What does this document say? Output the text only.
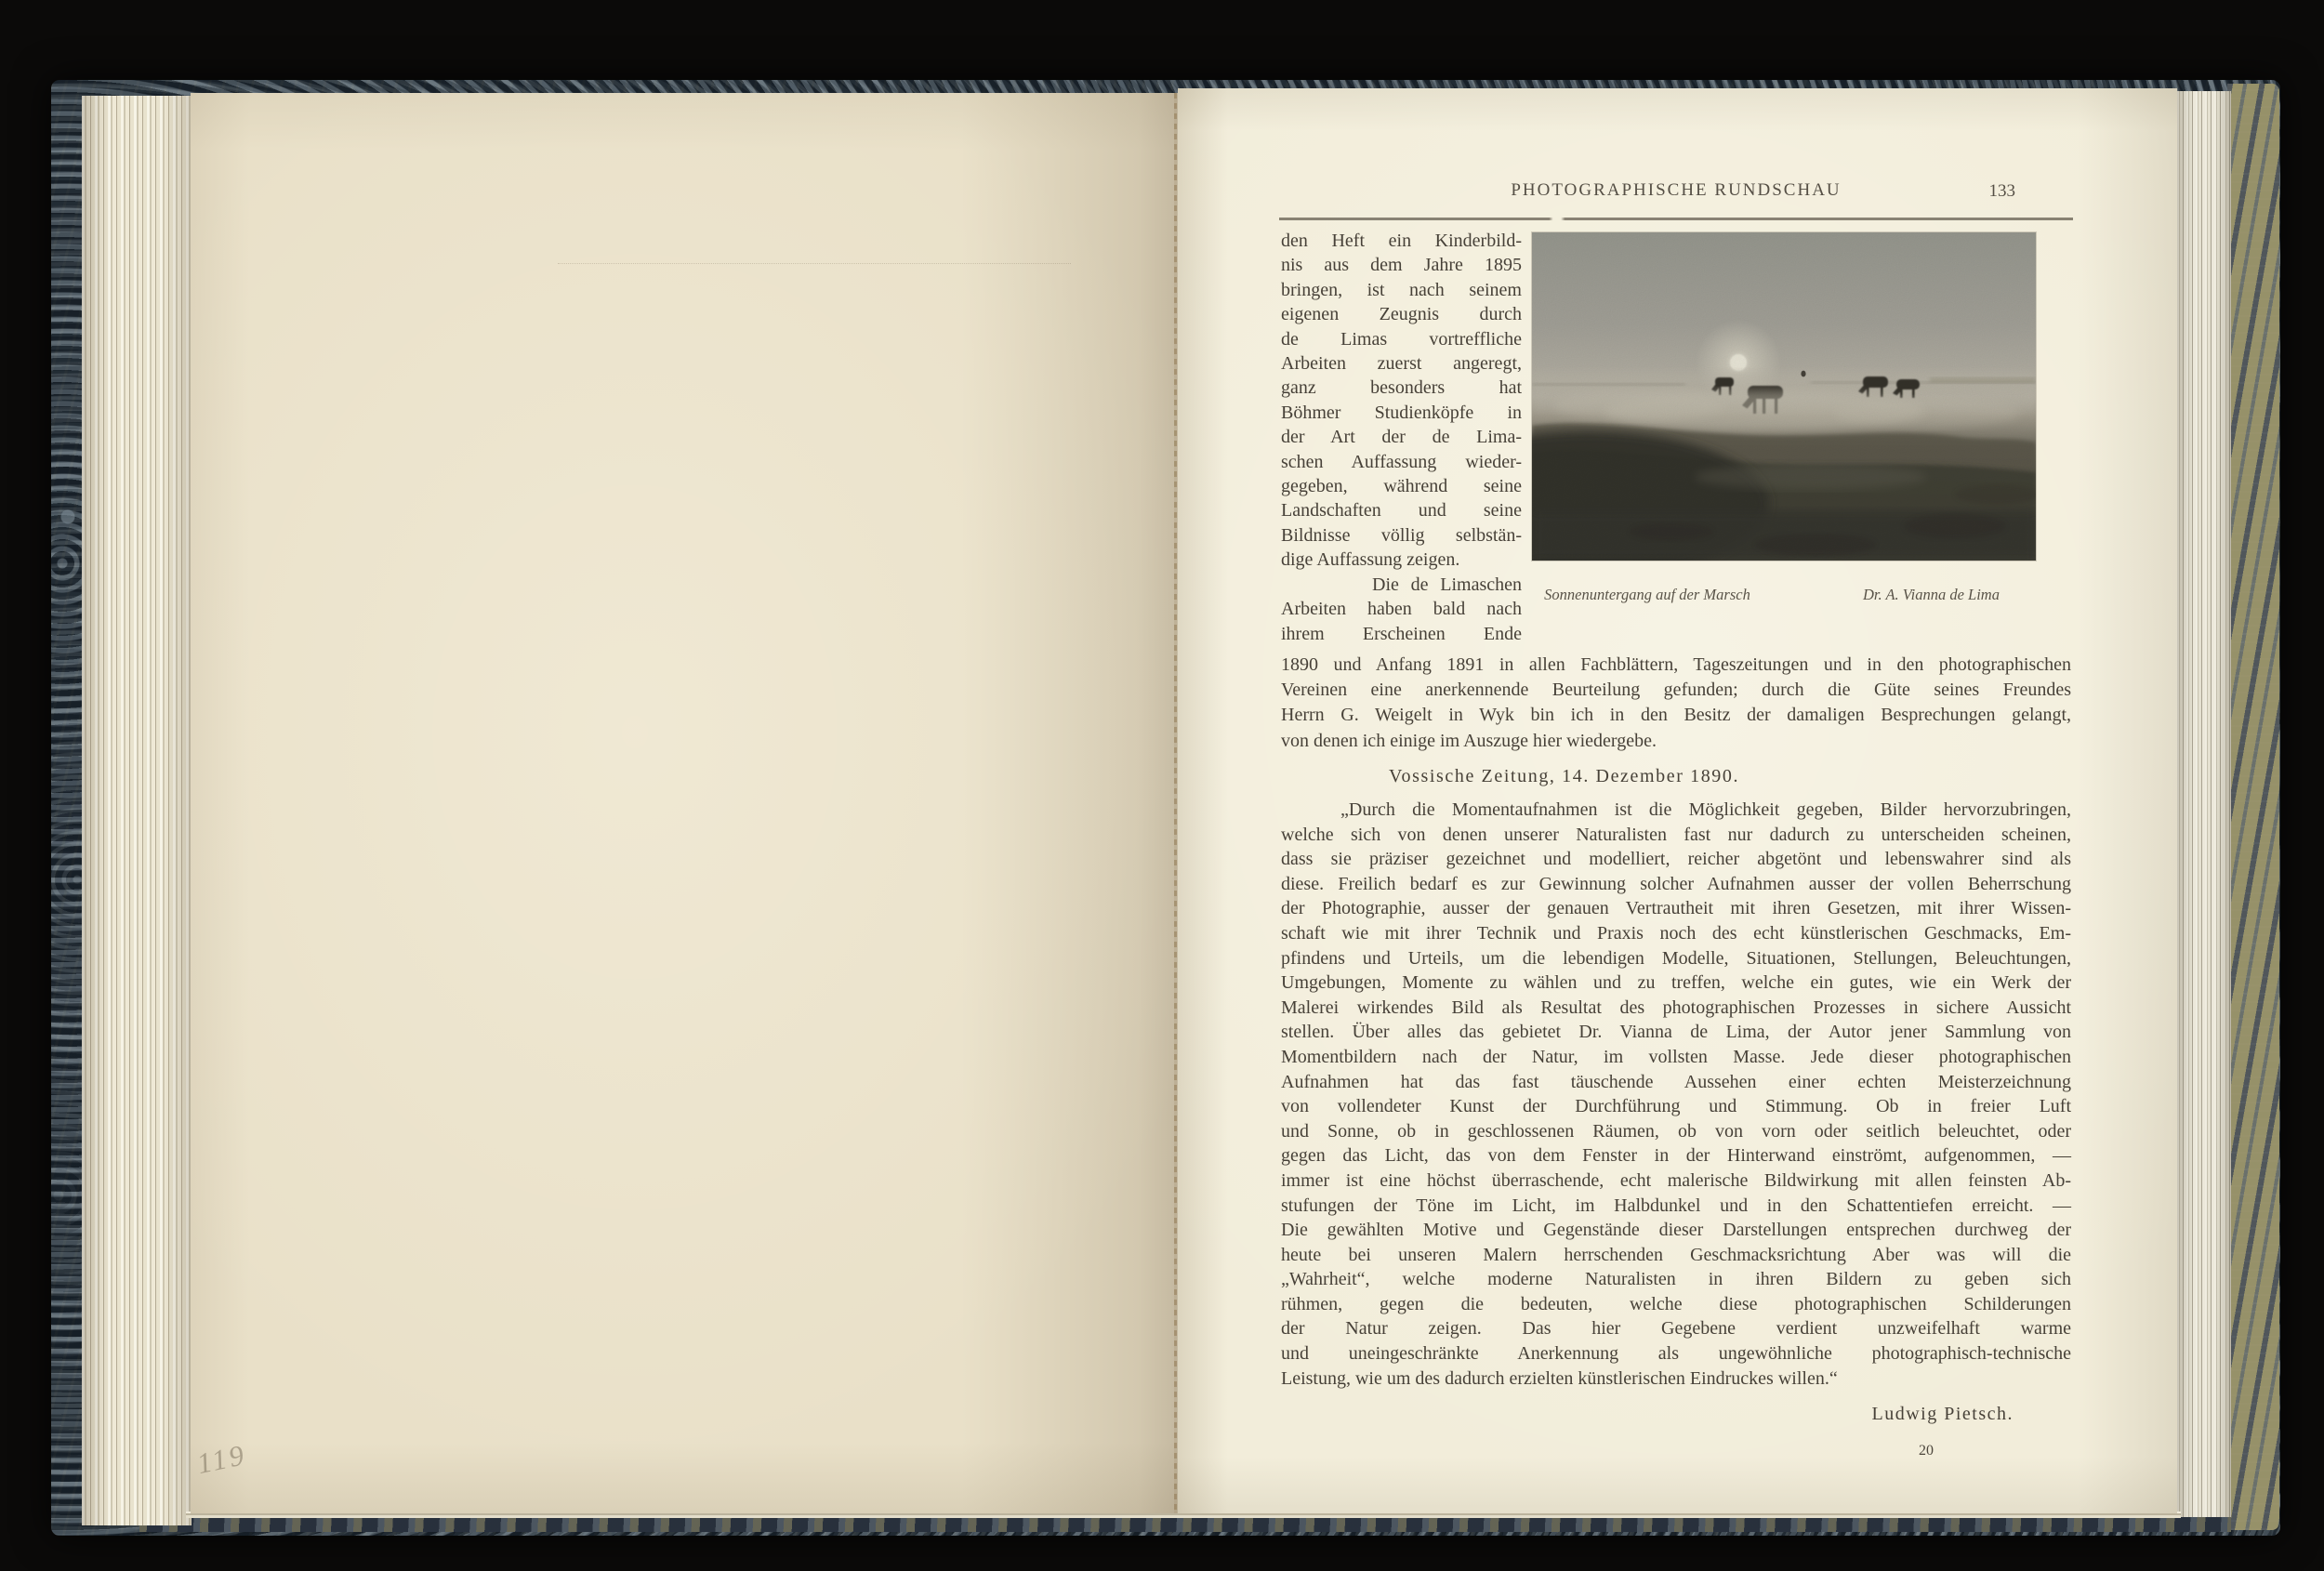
119
PHOTOGRAPHISCHE RUNDSCHAU	133
den Heft ein Kinderbild-
nis aus dem Jahre 1895
bringen, ist nach seinem
eigenen Zeugnis durch
de Limas vortreffliche
Arbeiten zuerst angeregt,
ganz besonders hat
Böhmer Studienköpfe in
der Art der de Lima-
schen Auffassung wieder-
gegeben, während seine
Landschaften und seine
Bildnisse völlig selbstän-
dige Auffassung zeigen.
Die de Limaschen
Arbeiten haben bald nach
ihrem Erscheinen Ende
Sonnenuntergang auf der Marsch	Dr. A. Vianna de Lima
1890 und Anfang 1891 in allen Fachblättern, Tageszeitungen und in den photographischen
Vereinen eine anerkennende Beurteilung gefunden; durch die Güte seines Freundes
Herrn G. Weigelt in Wyk bin ich in den Besitz der damaligen Besprechungen gelangt,
von denen ich einige im Auszuge hier wiedergebe.
Vossische Zeitung, 14. Dezember 1890.
„Durch die Momentaufnahmen ist die Möglichkeit gegeben, Bilder hervorzubringen,
welche sich von denen unserer Naturalisten fast nur dadurch zu unterscheiden scheinen,
dass sie präziser gezeichnet und modelliert, reicher abgetönt und lebenswahrer sind als
diese. Freilich bedarf es zur Gewinnung solcher Aufnahmen ausser der vollen Beherrschung
der Photographie, ausser der genauen Vertrautheit mit ihren Gesetzen, mit ihrer Wissen-
schaft wie mit ihrer Technik und Praxis noch des echt künstlerischen Geschmacks, Em-
pfindens und Urteils, um die lebendigen Modelle, Situationen, Stellungen, Beleuchtungen,
Umgebungen, Momente zu wählen und zu treffen, welche ein gutes, wie ein Werk der
Malerei wirkendes Bild als Resultat des photographischen Prozesses in sichere Aussicht
stellen. Über alles das gebietet Dr. Vianna de Lima, der Autor jener Sammlung von
Momentbildern nach der Natur, im vollsten Masse. Jede dieser photographischen
Aufnahmen hat das fast täuschende Aussehen einer echten Meisterzeichnung
von vollendeter Kunst der Durchführung und Stimmung. Ob in freier Luft
und Sonne, ob in geschlossenen Räumen, ob von vorn oder seitlich beleuchtet, oder
gegen das Licht, das von dem Fenster in der Hinterwand einströmt, aufgenommen, —
immer ist eine höchst überraschende, echt malerische Bildwirkung mit allen feinsten Ab-
stufungen der Töne im Licht, im Halbdunkel und in den Schattentiefen erreicht. —
Die gewählten Motive und Gegenstände dieser Darstellungen entsprechen durchweg der
heute bei unseren Malern herrschenden Geschmacksrichtung Aber was will die
„Wahrheit“, welche moderne Naturalisten in ihren Bildern zu geben sich
rühmen, gegen die bedeuten, welche diese photographischen Schilderungen
der Natur zeigen. Das hier Gegebene verdient unzweifelhaft warme
und uneingeschränkte Anerkennung als ungewöhnliche photographisch-technische
Leistung, wie um des dadurch erzielten künstlerischen Eindruckes willen.“
Ludwig Pietsch.
20
